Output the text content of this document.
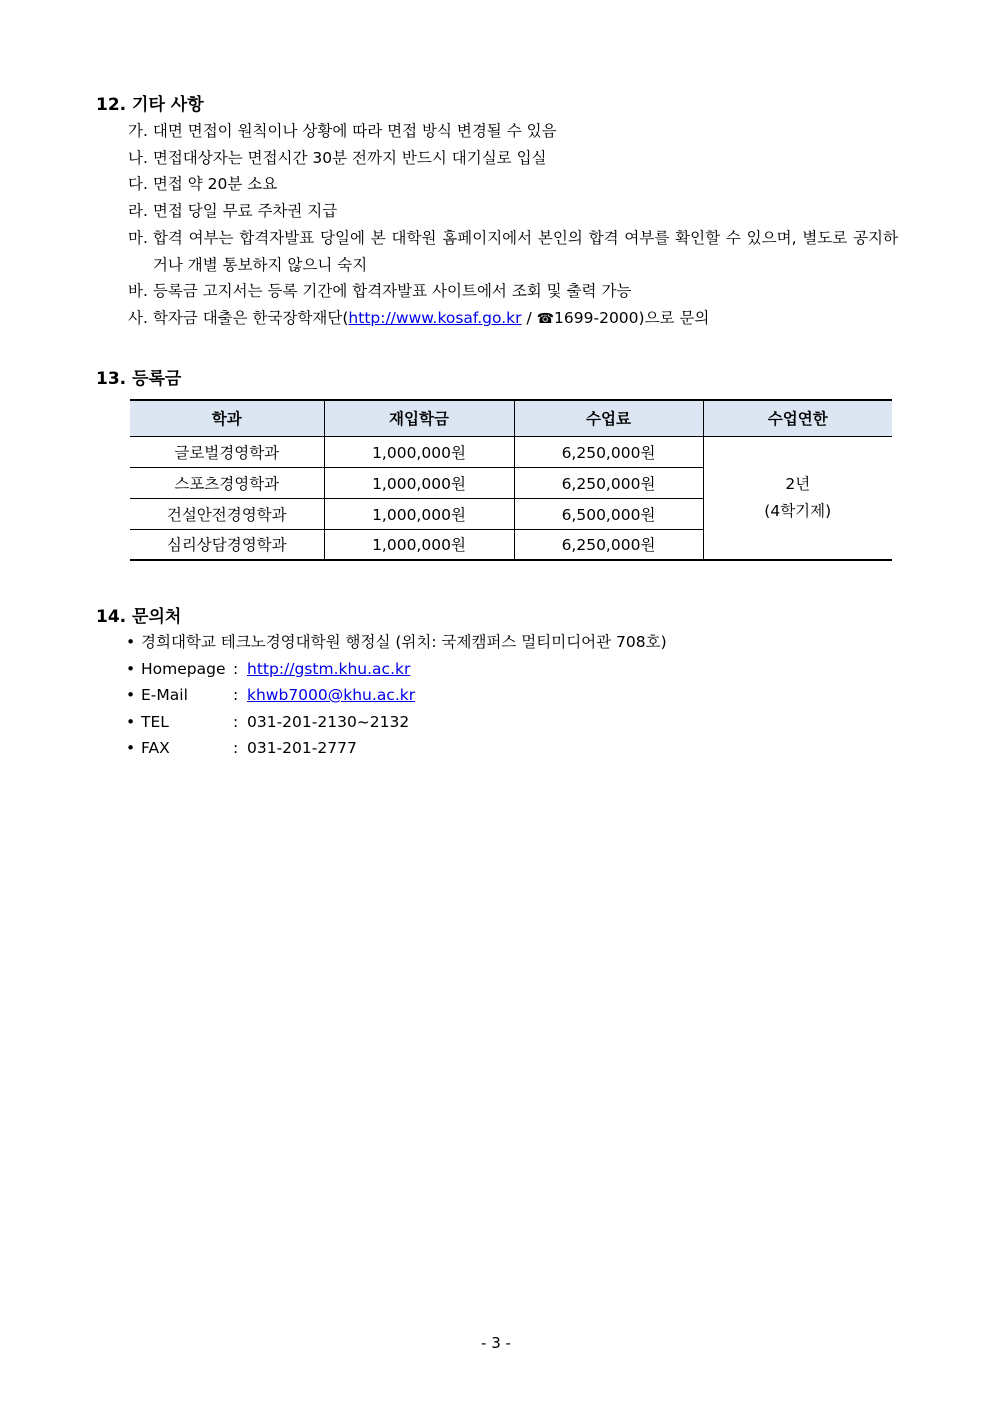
12. 기타 사항
가.
대면 면접이 원칙이나 상황에 따라 면접 방식 변경될 수 있음
나.
면접대상자는 면접시간 30분 전까지 반드시 대기실로 입실
다.
면접 약 20분 소요
라.
면접 당일 무료 주차권 지급
마.
합격 여부는 합격자발표 당일에 본 대학원 홈페이지에서 본인의 합격 여부를 확인할 수 있으며, 별도로 공지하거나 개별 통보하지 않으니 숙지
바.
등록금 고지서는 등록 기간에 합격자발표 사이트에서 조회 및 출력 가능
사.
학자금 대출은 한국장학재단(http://www.kosaf.go.kr / ☎1699-2000)으로 문의
13. 등록금
학과	재입학금	수업료	수업연한
글로벌경영학과	1,000,000원	6,250,000원	2년
(4학기제)

스포츠경영학과	1,000,000원	6,250,000원	
건설안전경영학과	1,000,000원	6,500,000원	
심리상담경영학과	1,000,000원	6,250,000원	
14. 문의처
• 경희대학교 테크노경영대학원 행정실 (위치: 국제캠퍼스 멀티미디어관 708호)
• Homepage : http://gstm.khu.ac.kr
• E-Mail	: khwb7000@khu.ac.kr
• TEL	: 031-201-2130~2132
• FAX	: 031-201-2777
- 3 -
